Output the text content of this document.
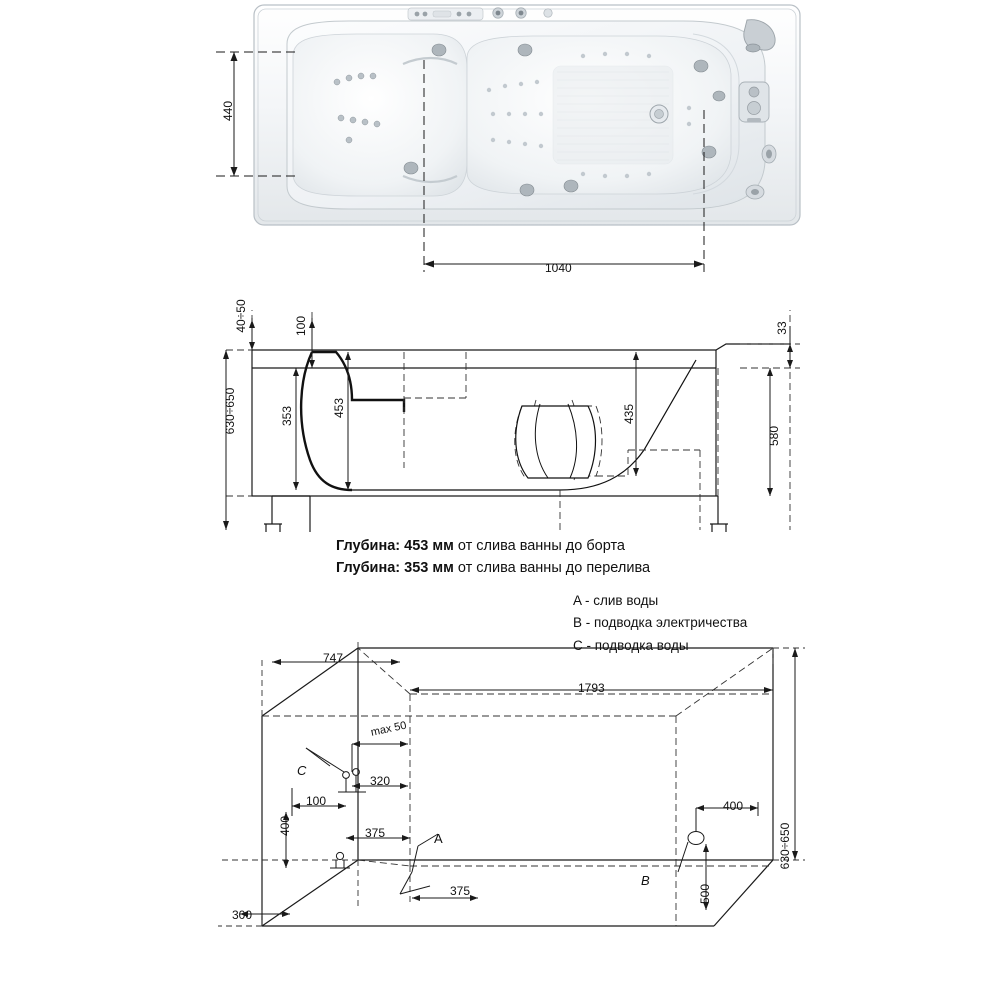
440
1040
40÷50	100	33
630÷650	353	453	435
580
Глубина: 453 мм от слива ванны до борта
Глубина: 353 мм от слива ванны до перелива
A - слив воды
B - подводка электричества
C - подводка воды
747
1793
max 50
320
100
375
375
400
400
500
300
630÷650
A
B
C
